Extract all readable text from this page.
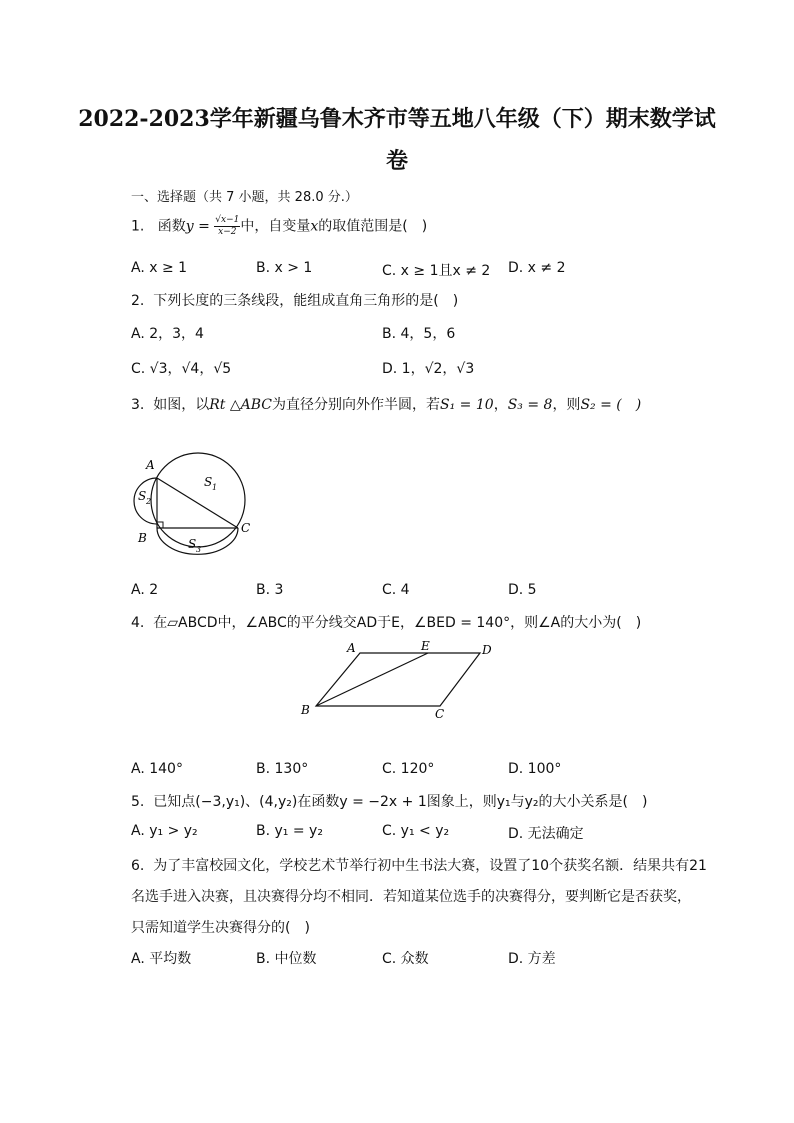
2022-2023学年新疆乌鲁木齐市等五地八年级（下）期末数学试
卷
一、选择题（共 7 小题，共 28.0 分.）
1. 函数$y = \frac{√x-1}{x-2}$ 中，自变量x的取值范围是(　)
A. x ≥ 1	B. x > 1	C. x ≥ 1且x ≠ 2 D. x ≠ 2
2. 下列长度的三条线段，能组成直角三角形的是(　)
A. 2，3，4	B. 4，5，6
C. √3，√4，√5	D. 1，√2，√3
3. 如图，以Rt △ABC为直径分别向外作半圆，若S₁ = 10，S₃ = 8，则S₂ = (　)
A
B
C
S 1
S 2
S 3
A. 2	B. 3	C. 4	D. 5
4. 在▱ABCD中，∠ABC的平分线交AD于E，∠BED = 140°，则∠A的大小为(　)
A	E	D
B	C
A. 140°	B. 130°	C. 120°	D. 100°
5. 已知点(−3,y₁)、(4,y₂)在函数y = −2x + 1图象上，则y₁与y₂的大小关系是(　)
A. y₁ > y₂	B. y₁ = y₂	C. y₁ < y₂	D. 无法确定
6. 为了丰富校园文化，学校艺术节举行初中生书法大赛，设置了10个获奖名额．结果共有21
名选手进入决赛，且决赛得分均不相同．若知道某位选手的决赛得分，要判断它是否获奖，
只需知道学生决赛得分的(　)
A. 平均数	B. 中位数	C. 众数	D. 方差
